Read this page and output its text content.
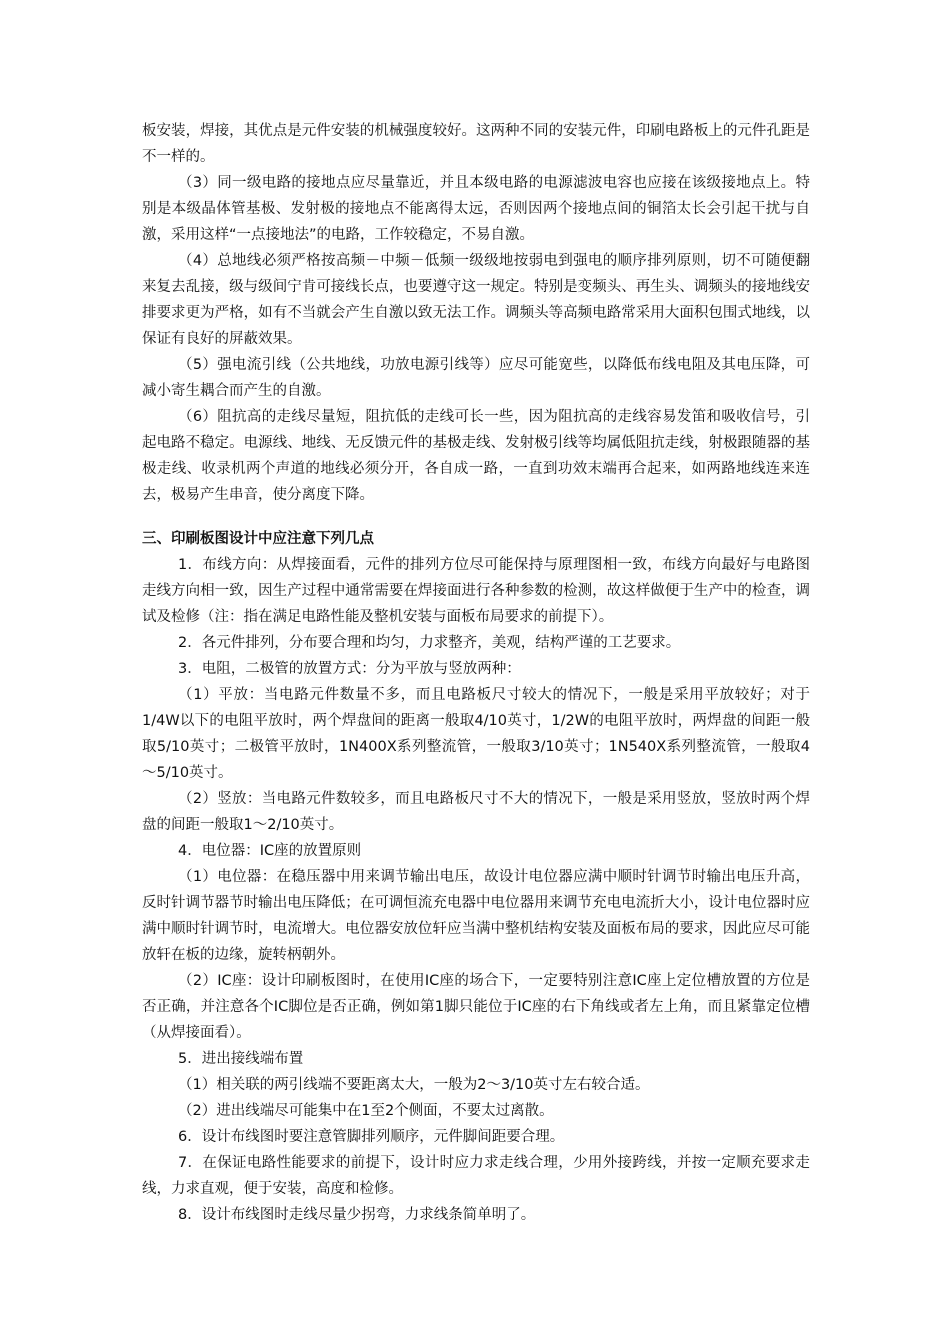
板安装，焊接，其优点是元件安装的机械强度较好。这两种不同的安装元件，印刷电路板上的元件孔距是不一样的。

（3）同一级电路的接地点应尽量靠近，并且本级电路的电源滤波电容也应接在该级接地点上。特别是本级晶体管基极、发射极的接地点不能离得太远，否则因两个接地点间的铜箔太长会引起干扰与自激，采用这样“一点接地法”的电路，工作较稳定，不易自激。

（4）总地线必须严格按高频－中频－低频一级级地按弱电到强电的顺序排列原则，切不可随便翻来复去乱接，级与级间宁肯可接线长点，也要遵守这一规定。特别是变频头、再生头、调频头的接地线安排要求更为严格，如有不当就会产生自激以致无法工作。调频头等高频电路常采用大面积包围式地线，以保证有良好的屏蔽效果。

（5）强电流引线（公共地线，功放电源引线等）应尽可能宽些，以降低布线电阻及其电压降，可减小寄生耦合而产生的自激。

（6）阻抗高的走线尽量短，阻抗低的走线可长一些，因为阻抗高的走线容易发笛和吸收信号，引起电路不稳定。电源线、地线、无反馈元件的基极走线、发射极引线等均属低阻抗走线，射极跟随器的基极走线、收录机两个声道的地线必须分开，各自成一路，一直到功效末端再合起来，如两路地线连来连去，极易产生串音，使分离度下降。

三、印刷板图设计中应注意下列几点

1．布线方向：从焊接面看，元件的排列方位尽可能保持与原理图相一致，布线方向最好与电路图走线方向相一致，因生产过程中通常需要在焊接面进行各种参数的检测，故这样做便于生产中的检查，调试及检修（注：指在满足电路性能及整机安装与面板布局要求的前提下）。

2．各元件排列，分布要合理和均匀，力求整齐，美观，结构严谨的工艺要求。

3．电阻，二极管的放置方式：分为平放与竖放两种：

（1）平放：当电路元件数量不多，而且电路板尺寸较大的情况下，一般是采用平放较好；对于1/4W以下的电阻平放时，两个焊盘间的距离一般取4/10英寸，1/2W的电阻平放时，两焊盘的间距一般取5/10英寸；二极管平放时，1N400X系列整流管，一般取3/10英寸；1N540X系列整流管，一般取4～5/10英寸。

（2）竖放：当电路元件数较多，而且电路板尺寸不大的情况下，一般是采用竖放，竖放时两个焊盘的间距一般取1～2/10英寸。

4．电位器：IC座的放置原则

（1）电位器：在稳压器中用来调节输出电压，故设计电位器应满中顺时针调节时输出电压升高，反时针调节器节时输出电压降低；在可调恒流充电器中电位器用来调节充电电流折大小，设计电位器时应满中顺时针调节时，电流增大。电位器安放位轩应当满中整机结构安装及面板布局的要求，因此应尽可能放轩在板的边缘，旋转柄朝外。

（2）IC座：设计印刷板图时，在使用IC座的场合下，一定要特别注意IC座上定位槽放置的方位是否正确，并注意各个IC脚位是否正确，例如第1脚只能位于IC座的右下角线或者左上角，而且紧靠定位槽（从焊接面看）。

5．进出接线端布置

（1）相关联的两引线端不要距离太大，一般为2～3/10英寸左右较合适。

（2）进出线端尽可能集中在1至2个侧面，不要太过离散。

6．设计布线图时要注意管脚排列顺序，元件脚间距要合理。

7．在保证电路性能要求的前提下，设计时应力求走线合理，少用外接跨线，并按一定顺充要求走线，力求直观，便于安装，高度和检修。

8．设计布线图时走线尽量少拐弯，力求线条简单明了。
